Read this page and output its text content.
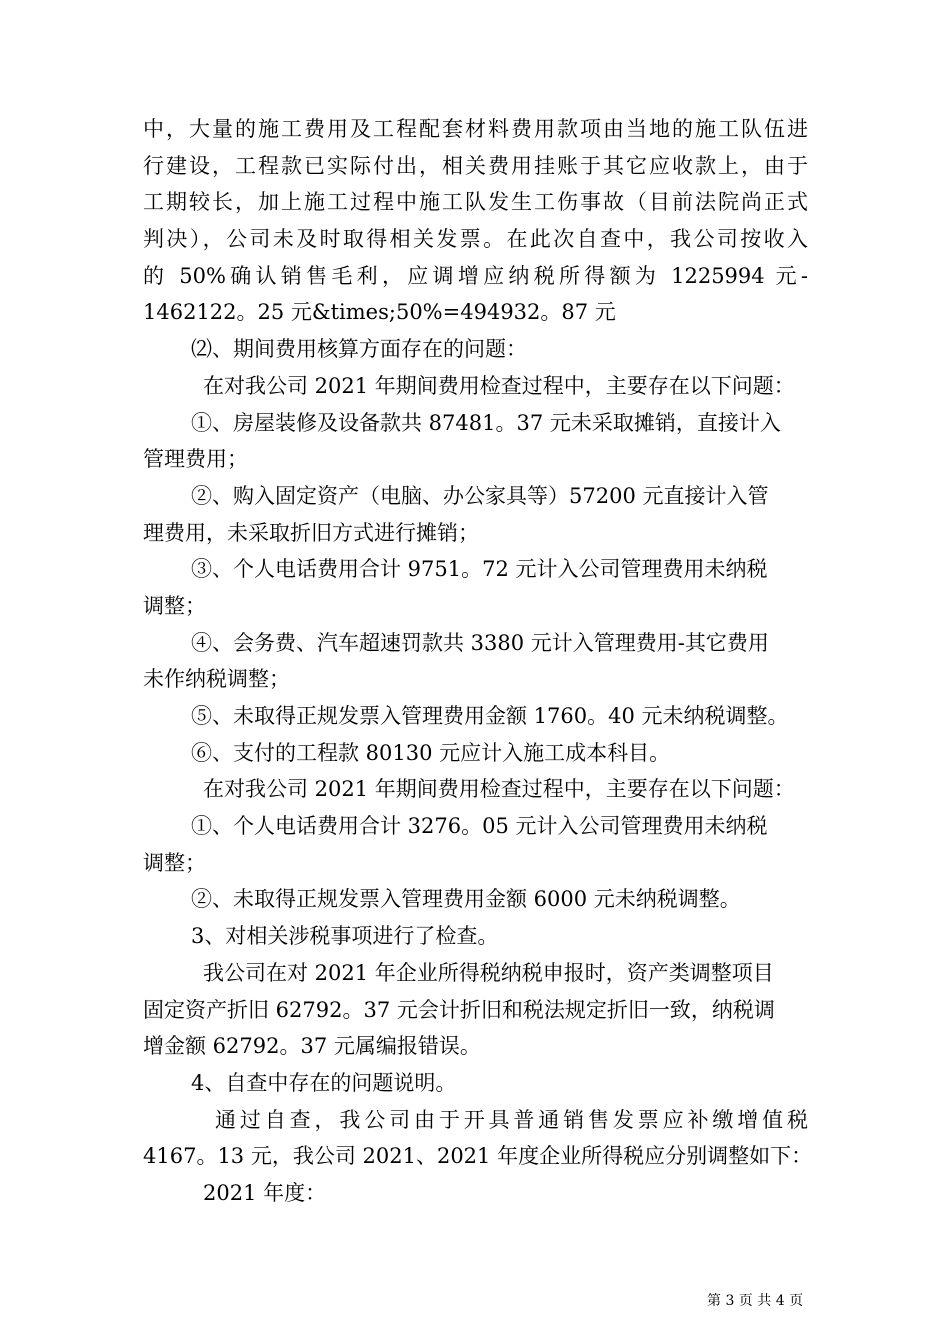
中，大量的施工费用及工程配套材料费用款项由当地的施工队伍进
行建设，工程款已实际付出，相关费用挂账于其它应收款上，由于
工期较长，加上施工过程中施工队发生工伤事故（目前法院尚正式
判决），公司未及时取得相关发票。在此次自查中，我公司按收入
的 50%确认销售毛利，应调增应纳税所得额为 1225994 元-
1462122。25 元&times;50%=494932。87 元
⑵、期间费用核算方面存在的问题：
在对我公司 2021 年期间费用检查过程中，主要存在以下问题：
①、房屋装修及设备款共 87481。37 元未采取摊销，直接计入
管理费用；
②、购入固定资产（电脑、办公家具等）57200 元直接计入管
理费用，未采取折旧方式进行摊销；
③、个人电话费用合计 9751。72 元计入公司管理费用未纳税
调整；
④、会务费、汽车超速罚款共 3380 元计入管理费用-其它费用
未作纳税调整；
⑤、未取得正规发票入管理费用金额 1760。40 元未纳税调整。
⑥、支付的工程款 80130 元应计入施工成本科目。
在对我公司 2021 年期间费用检查过程中，主要存在以下问题：
①、个人电话费用合计 3276。05 元计入公司管理费用未纳税
调整；
②、未取得正规发票入管理费用金额 6000 元未纳税调整。
3、对相关涉税事项进行了检查。
我公司在对 2021 年企业所得税纳税申报时，资产类调整项目
固定资产折旧 62792。37 元会计折旧和税法规定折旧一致，纳税调
增金额 62792。37 元属编报错误。
4、自查中存在的问题说明。
通过自查，我公司由于开具普通销售发票应补缴增值税
4167。13 元，我公司 2021、2021 年度企业所得税应分别调整如下：
2021 年度：
第 3 页 共 4 页
